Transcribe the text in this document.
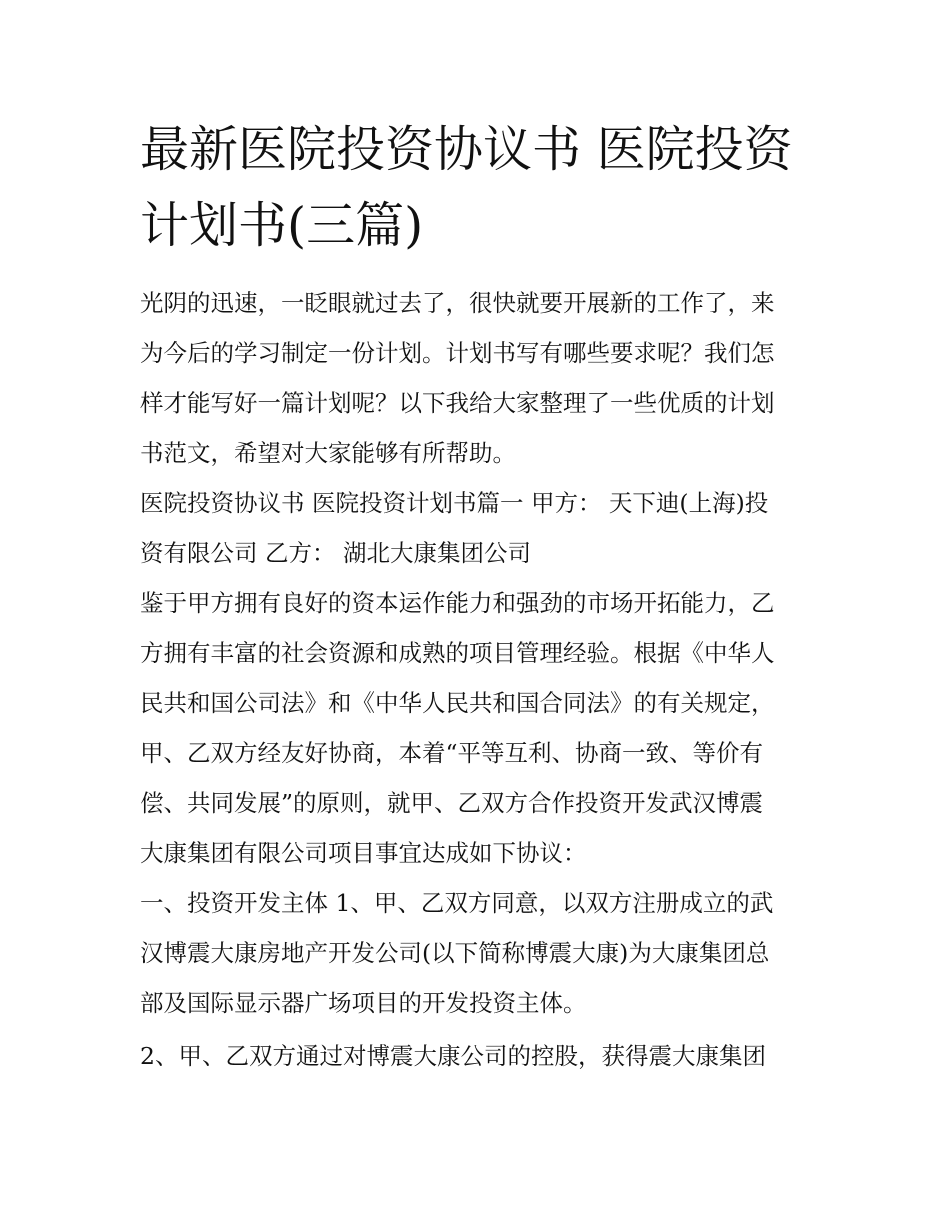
最新医院投资协议书 医院投资
计划书(三篇)
光阴的迅速，一眨眼就过去了，很快就要开展新的工作了，来
为今后的学习制定一份计划。计划书写有哪些要求呢？我们怎
样才能写好一篇计划呢？以下我给大家整理了一些优质的计划
书范文，希望对大家能够有所帮助。
医院投资协议书 医院投资计划书篇一 甲方： 天下迪(上海)投
资有限公司 乙方： 湖北大康集团公司
鉴于甲方拥有良好的资本运作能力和强劲的市场开拓能力，乙
方拥有丰富的社会资源和成熟的项目管理经验。根据《中华人
民共和国公司法》和《中华人民共和国合同法》的有关规定，
甲、乙双方经友好协商，本着“平等互利、协商一致、等价有
偿、共同发展”的原则，就甲、乙双方合作投资开发武汉博震
大康集团有限公司项目事宜达成如下协议：
一、投资开发主体 1、甲、乙双方同意，以双方注册成立的武
汉博震大康房地产开发公司(以下简称博震大康)为大康集团总
部及国际显示器广场项目的开发投资主体。
2、甲、乙双方通过对博震大康公司的控股，获得震大康集团
